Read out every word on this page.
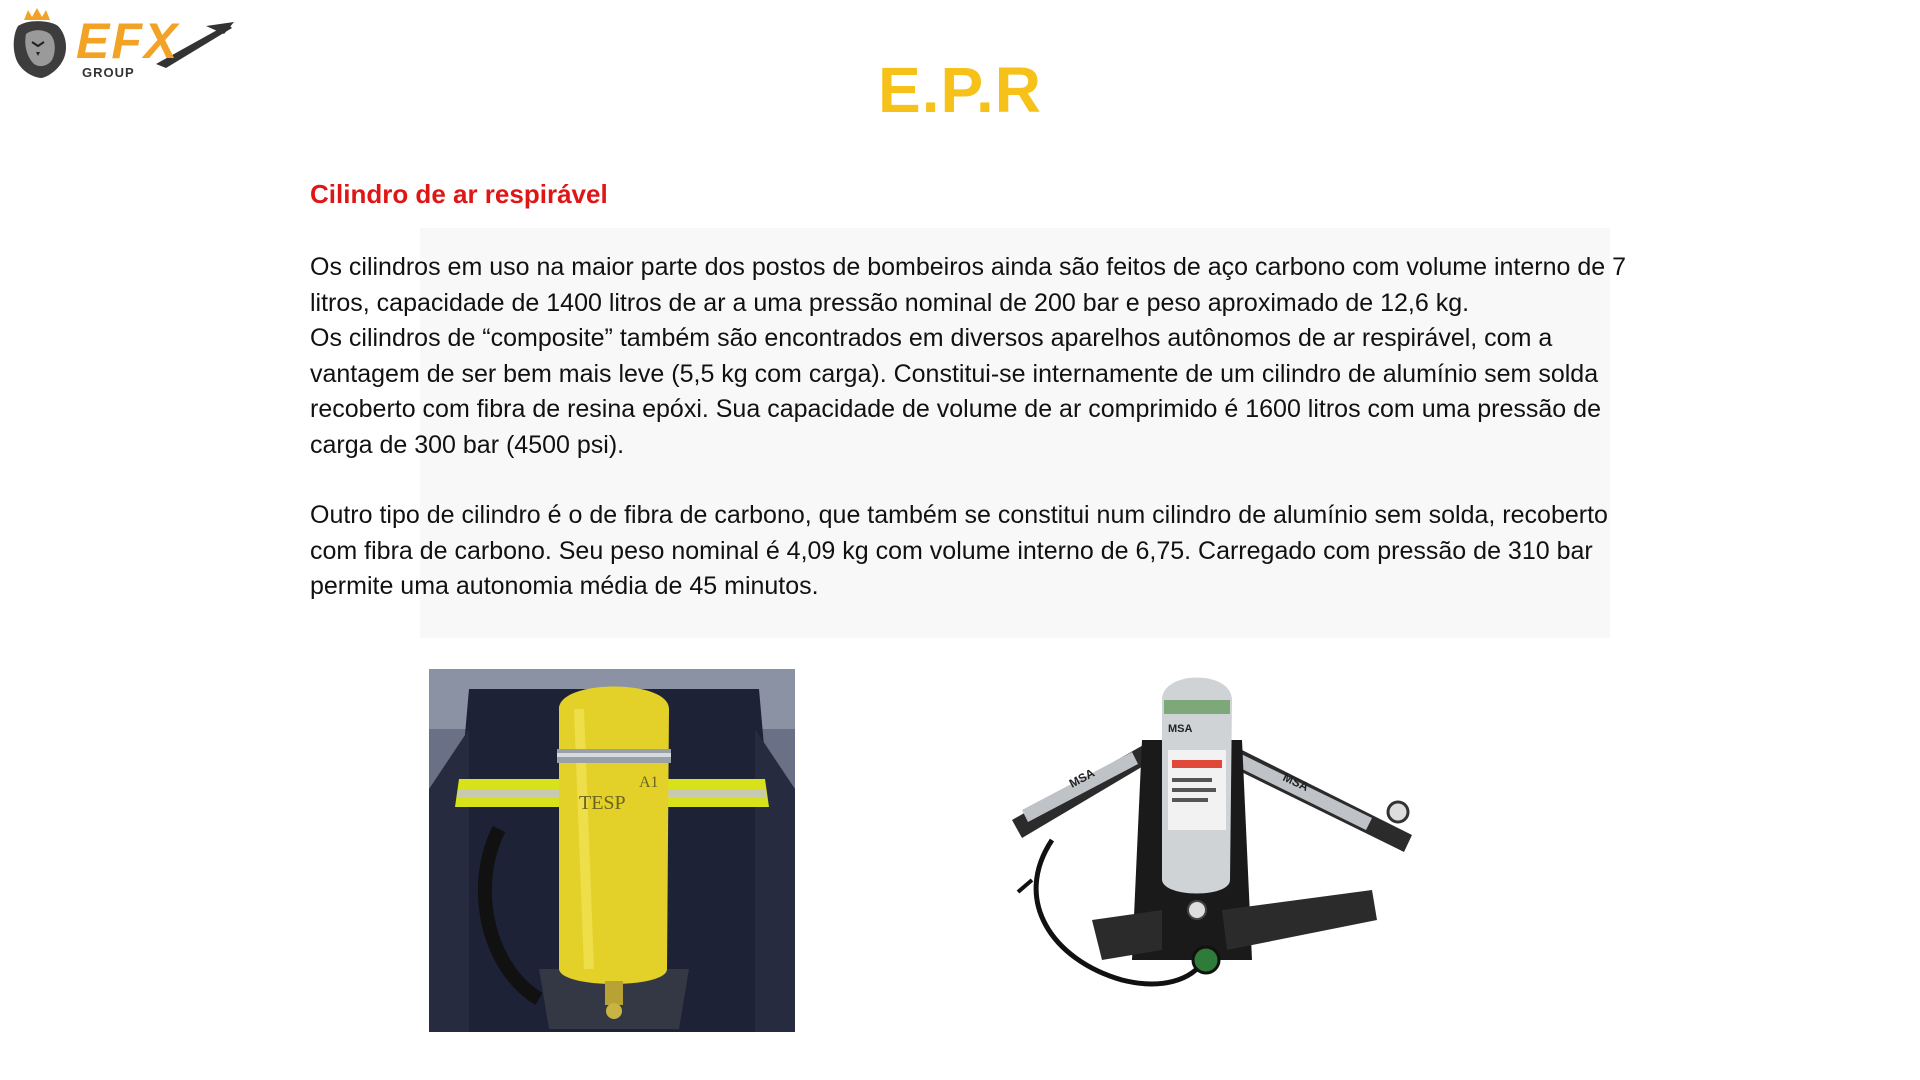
EFX
GROUP	E.P.R
Cilindro de ar respirável

Os cilindros em uso na maior parte dos postos de bombeiros ainda são feitos de aço carbono com volume interno de 7 litros, capacidade de 1400 litros de ar a uma pressão nominal de 200 bar e peso aproximado de 12,6 kg.

Os cilindros de “composite” também são encontrados em diversos aparelhos autônomos de ar respirável, com a vantagem de ser bem mais leve (5,5 kg com carga). Constitui-se internamente de um cilindro de alumínio sem solda recoberto com fibra de resina epóxi. Sua capacidade de volume de ar comprimido é 1600 litros com uma pressão de carga de 300 bar (4500 psi).

Outro tipo de cilindro é o de fibra de carbono, que também se constitui num cilindro de alumínio sem solda, recoberto com fibra de carbono. Seu peso nominal é 4,09 kg com volume interno de 6,75. Carregado com pressão de 310 bar permite uma autonomia média de 45 minutos.

TESP
A1	MSA	MSA
MSA
